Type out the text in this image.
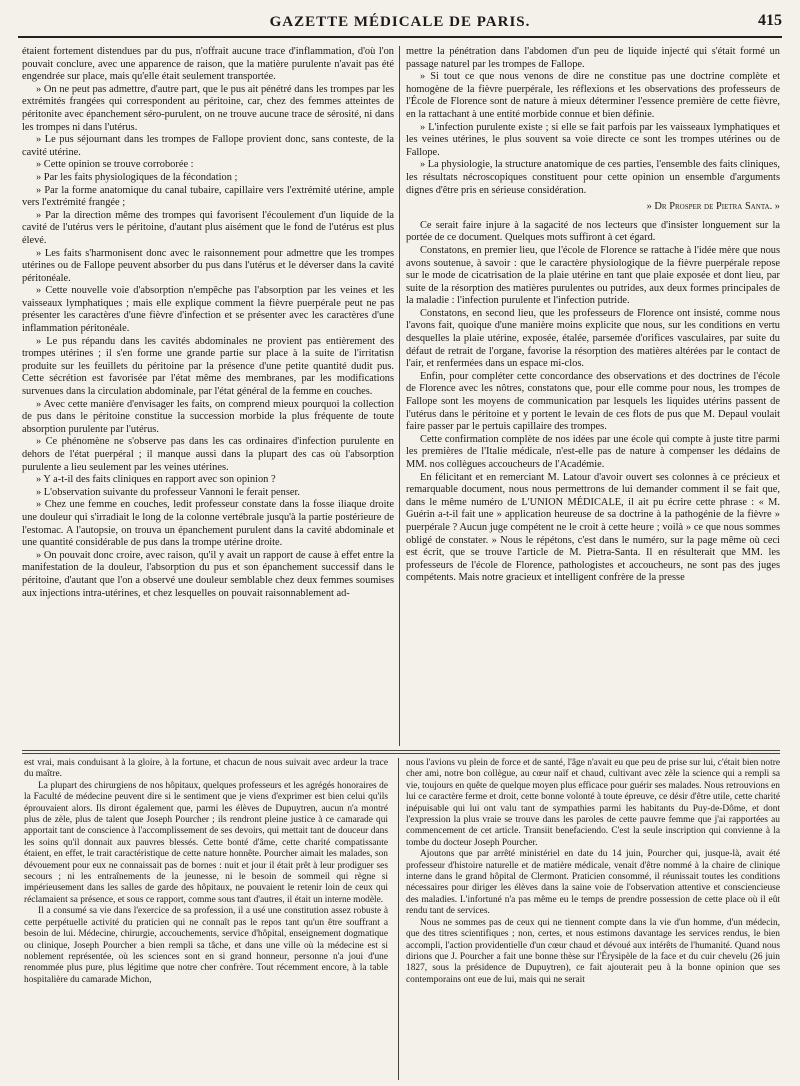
GAZETTE MÉDICALE DE PARIS.	415

étaient fortement distendues par du pus, n'offrait aucune trace d'inflammation, d'où l'on pouvait conclure, avec une apparence de raison, que la matière purulente n'avait pas été engendrée sur place, mais qu'elle était seulement transportée.

» On ne peut pas admettre, d'autre part, que le pus ait pénétré dans les trompes par les extrémités frangées qui correspondent au péritoine, car, chez des femmes atteintes de péritonite avec épanchement séro-purulent, on ne trouve aucune trace de sérosité, ni dans les trompes ni dans l'utérus.

» Le pus séjournant dans les trompes de Fallope provient donc, sans conteste, de la cavité utérine.

» Cette opinion se trouve corroborée :

» Par les faits physiologiques de la fécondation ;

» Par la forme anatomique du canal tubaire, capillaire vers l'extrémité utérine, ample vers l'extrémité frangée ;

» Par la direction même des trompes qui favorisent l'écoulement d'un liquide de la cavité de l'utérus vers le péritoine, d'autant plus aisément que le fond de l'utérus est plus élevé.

» Les faits s'harmonisent donc avec le raisonnement pour admettre que les trompes utérines ou de Fallope peuvent absorber du pus dans l'utérus et le déverser dans la cavité péritonéale.

» Cette nouvelle voie d'absorption n'empêche pas l'absorption par les veines et les vaisseaux lymphatiques ; mais elle explique comment la fièvre puerpérale peut ne pas présenter les caractères d'une fièvre d'infection et se présenter avec les caractères d'une inflammation péritonéale.

» Le pus répandu dans les cavités abdominales ne provient pas entièrement des trompes utérines ; il s'en forme une grande partie sur place à la suite de l'irritatisn produite sur les feuillets du péritoine par la présence d'une petite quantité dudit pus. Cette sécrétion est favorisée par l'état même des membranes, par les modifications survenues dans la circulation abdominale, par l'état général de la femme en couches.

» Avec cette manière d'envisager les faits, on comprend mieux pourquoi la collection de pus dans le péritoine constitue la succession morbide la plus fréquente de toute absorption purulente par l'utérus.

» Ce phénomène ne s'observe pas dans les cas ordinaires d'infection purulente en dehors de l'état puerpéral ; il manque aussi dans la plupart des cas où l'absorption purulente a lieu seulement par les veines utérines.

» Y a-t-il des faits cliniques en rapport avec son opinion ?

» L'observation suivante du professeur Vannoni le ferait penser.

» Chez une femme en couches, ledit professeur constate dans la fosse iliaque droite une douleur qui s'irradiait le long de la colonne vertébrale jusqu'à la partie postérieure de l'estomac. A l'autopsie, on trouva un épanchement purulent dans la cavité abdominale et une quantité considérable de pus dans la trompe utérine droite.

» On pouvait donc croire, avec raison, qu'il y avait un rapport de cause à effet entre la manifestation de la douleur, l'absorption du pus et son épanchement successif dans le péritoine, d'autant que l'on a observé une douleur semblable chez deux femmes soumises aux injections intra-utérines, et chez lesquelles on pouvait raisonnablement ad-

mettre la pénétration dans l'abdomen d'un peu de liquide injecté qui s'était formé un passage naturel par les trompes de Fallope.

» Si tout ce que nous venons de dire ne constitue pas une doctrine complète et homogène de la fièvre puerpérale, les réflexions et les observations des professeurs de l'École de Florence sont de nature à mieux déterminer l'essence première de cette fièvre, en la rattachant à une entité morbide connue et bien définie.

» L'infection purulente existe ; si elle se fait parfois par les vaisseaux lymphatiques et les veines utérines, le plus souvent sa voie directe ce sont les trompes utérines ou de Fallope.

» La physiologie, la structure anatomique de ces parties, l'ensemble des faits cliniques, les résultats nécroscopiques constituent pour cette opinion un ensemble d'arguments dignes d'être pris en sérieuse considération.

» Dr Prosper de Pietra Santa. »

Ce serait faire injure à la sagacité de nos lecteurs que d'insister longuement sur la portée de ce document. Quelques mots suffiront à cet égard.

Constatons, en premier lieu, que l'école de Florence se rattache à l'idée mère que nous avons soutenue, à savoir : que le caractère physiologique de la fièvre puerpérale repose sur le mode de cicatrisation de la plaie utérine en tant que plaie exposée et dont lieu, par suite de la résorption des matières purulentes ou putrides, aux deux formes principales de la maladie : l'infection purulente et l'infection putride.

Constatons, en second lieu, que les professeurs de Florence ont insisté, comme nous l'avons fait, quoique d'une manière moins explicite que nous, sur les conditions en vertu desquelles la plaie utérine, exposée, étalée, parsemée d'orifices vasculaires, par suite du défaut de retrait de l'organe, favorise la résorption des matières altérées par le contact de l'air, et renfermées dans un espace mi-clos.

Enfin, pour compléter cette concordance des observations et des doctrines de l'école de Florence avec les nôtres, constatons que, pour elle comme pour nous, les trompes de Fallope sont les moyens de communication par lesquels les liquides utérins passent de l'utérus dans le péritoine et y portent le levain de ces flots de pus que M. Depaul voulait faire passer par le pertuis capillaire des trompes.

Cette confirmation complète de nos idées par une école qui compte à juste titre parmi les premières de l'Italie médicale, n'est-elle pas de nature à compenser les dédains de MM. nos collègues accoucheurs de l'Académie.

En félicitant et en remerciant M. Latour d'avoir ouvert ses colonnes à ce précieux et remarquable document, nous nous permettrons de lui demander comment il se fait que, dans le même numéro de L'UNION MÉDICALE, il ait pu écrire cette phrase : « M. Guérin a-t-il fait une » application heureuse de sa doctrine à la pathogénie de la fièvre » puerpérale ? Aucun juge compétent ne le croit à cette heure ; voilà » ce que nous sommes obligé de constater. » Nous le répétons, c'est dans le numéro, sur la page même où ceci est écrit, que se trouve l'article de M. Pietra-Santa. Il en résulterait que MM. les professeurs de l'école de Florence, pathologistes et accoucheurs, ne sont pas des juges compétents. Mais notre gracieux et intelligent confrère de la presse

est vrai, mais conduisant à la gloire, à la fortune, et chacun de nous suivait avec ardeur la trace du maître.

La plupart des chirurgiens de nos hôpitaux, quelques professeurs et les agrégés honoraires de la Faculté de médecine peuvent dire si le sentiment que je viens d'exprimer est bien celui qu'ils éprouvaient alors. Ils diront également que, parmi les élèves de Dupuytren, aucun n'a montré plus de zèle, plus de talent que Joseph Pourcher ; ils rendront pleine justice à ce camarade qui apportait tant de conscience à l'accomplissement de ses devoirs, qui mettait tant de douceur dans les soins qu'il donnait aux pauvres blessés. Cette bonté d'âme, cette charité compatissante étaient, en effet, le trait caractéristique de cette nature honnête. Pourcher aimait les malades, son dévouement pour eux ne connaissait pas de bornes : nuit et jour il était prêt à leur prodiguer ses secours ; ni les entraînements de la jeunesse, ni le besoin de sommeil qui règne si impérieusement dans les salles de garde des hôpitaux, ne pouvaient le retenir loin de ceux qui réclamaient sa présence, et sous ce rapport, comme sous tant d'autres, il était un interne modèle.

Il a consumé sa vie dans l'exercice de sa profession, il a usé une constitution assez robuste à cette perpétuelle activité du praticien qui ne connaît pas le repos tant qu'un être souffrant a besoin de lui. Médecine, chirurgie, accouchements, service d'hôpital, enseignement dogmatique ou clinique, Joseph Pourcher a bien rempli sa tâche, et dans une ville où la médecine est si noblement représentée, où les sciences sont en si grand honneur, personne n'a joui d'une renommée plus pure, plus légitime que notre cher confrère. Tout récemment encore, à la table hospitalière du camarade Michon,

nous l'avions vu plein de force et de santé, l'âge n'avait eu que peu de prise sur lui, c'était bien notre cher ami, notre bon collègue, au cœur naïf et chaud, cultivant avec zèle la science qui a rempli sa vie, toujours en quête de quelque moyen plus efficace pour guérir ses malades. Nous retrouvions en lui ce caractère ferme et droit, cette bonne volonté à toute épreuve, ce désir d'être utile, cette charité inépuisable qui lui ont valu tant de sympathies parmi les habitants du Puy-de-Dôme, et dont l'expression la plus vraie se trouve dans les paroles de cette pauvre femme que j'ai rapportées au commencement de cet article. Transiit benefaciendo. C'est la seule inscription qui convienne à la tombe du docteur Joseph Pourcher.

Ajoutons que par arrêté ministériel en date du 14 juin, Pourcher qui, jusque-là, avait été professeur d'histoire naturelle et de matière médicale, venait d'être nommé à la chaire de clinique interne dans le grand hôpital de Clermont. Praticien consommé, il réunissait toutes les conditions nécessaires pour diriger les élèves dans la saine voie de l'observation attentive et consciencieuse des maladies. L'infortuné n'a pas même eu le temps de prendre possession de cette place où il eût rendu tant de services.

Nous ne sommes pas de ceux qui ne tiennent compte dans la vie d'un homme, d'un médecin, que des titres scientifiques ; non, certes, et nous estimons davantage les services rendus, le bien accompli, l'action providentielle d'un cœur chaud et dévoué aux intérêts de l'humanité. Quand nous dirions que J. Pourcher a fait une bonne thèse sur l'Érysipèle de la face et du cuir chevelu (26 juin 1827, sous la présidence de Dupuytren), ce fait ajouterait peu à la bonne opinion que ses contemporains ont eue de lui, mais qui ne serait
